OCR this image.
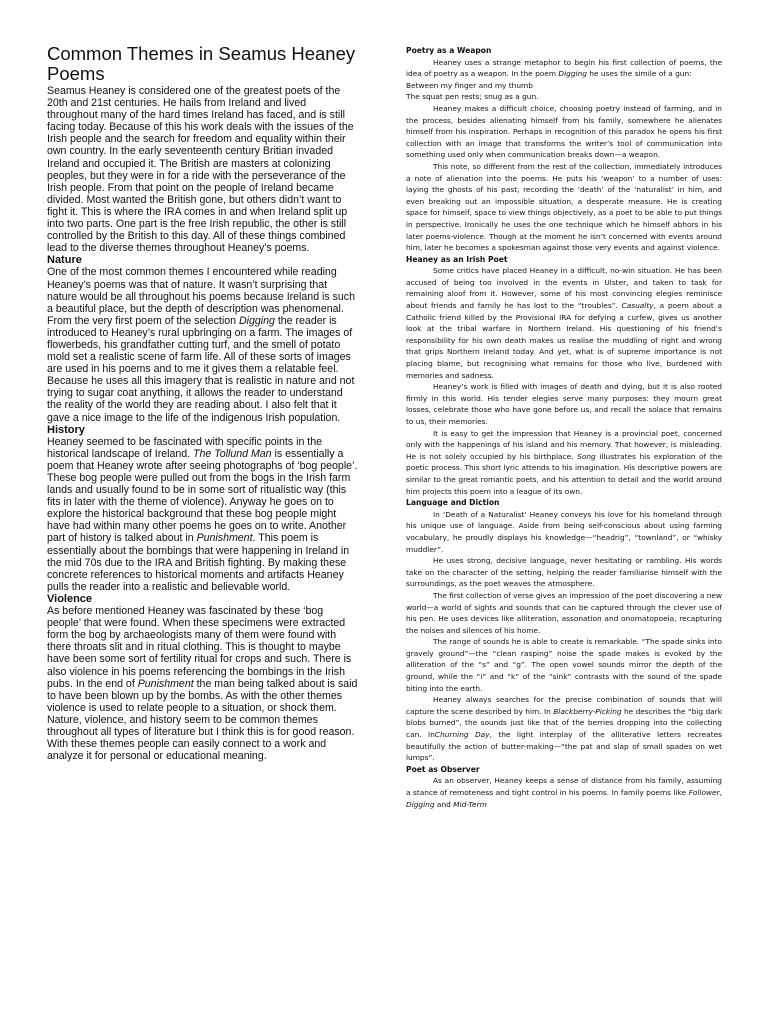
Common Themes in Seamus Heaney Poems

Seamus Heaney is considered one of the greatest poets of the 20th and 21st centuries. He hails from Ireland and lived throughout many of the hard times Ireland has faced, and is still facing today. Because of this his work deals with the issues of the Irish people and the search for freedom and equality within their own country. In the early seventeenth century Britian invaded Ireland and occupied it. The British are masters at colonizing peoples, but they were in for a ride with the perseverance of the Irish people. From that point on the people of Ireland became divided. Most wanted the British gone, but others didn’t want to fight it. This is where the IRA comes in and when Ireland split up into two parts. One part is the free Irish republic, the other is still controlled by the British to this day. All of these things combined lead to the diverse themes throughout Heaney’s poems.

Nature

One of the most common themes I encountered while reading Heaney’s poems was that of nature. It wasn’t surprising that nature would be all throughout his poems because Ireland is such a beautiful place, but the depth of description was phenomenal.

From the very first poem of the selection Digging the reader is introduced to Heaney’s rural upbringing on a farm. The images of flowerbeds, his grandfather cutting turf, and the smell of potato mold set a realistic scene of farm life. All of these sorts of images are used in his poems and to me it gives them a relatable feel. Because he uses all this imagery that is realistic in nature and not trying to sugar coat anything, it allows the reader to understand the reality of the world they are reading about. I also felt that it gave a nice image to the life of the indigenous Irish population.

History

Heaney seemed to be fascinated with specific points in the historical landscape of Ireland. The Tollund Man is essentially a poem that Heaney wrote after seeing photographs of ‘bog people’. These bog people were pulled out from the bogs in the Irish farm lands and usually found to be in some sort of ritualistic way (this fits in later with the theme of violence). Anyway he goes on to explore the historical background that these bog people might have had within many other poems he goes on to write. Another part of history is talked about in Punishment. This poem is essentially about the bombings that were happening in Ireland in the mid 70s due to the IRA and British fighting. By making these concrete references to historical moments and artifacts Heaney pulls the reader into a realistic and believable world.

Violence

As before mentioned Heaney was fascinated by these ‘bog people’ that were found. When these specimens were extracted form the bog by archaeologists many of them were found with there throats slit and in ritual clothing. This is thought to maybe have been some sort of fertility ritual for crops and such. There is also violence in his poems referencing the bombings in the Irish pubs. In the end of Punishment the man being talked about is said to have been blown up by the bombs. As with the other themes violence is used to relate people to a situation, or shock them.

Nature, violence, and history seem to be common themes throughout all types of literature but I think this is for good reason. With these themes people can easily connect to a work and analyze it for personal or educational meaning.

Poetry as a Weapon

Heaney uses a strange metaphor to begin his first collection of poems, the idea of poetry as a weapon. In the poem Digging he uses the simile of a gun:

Between my finger and my thumb

The squat pen rests; snug as a gun.

Heaney makes a difficult choice, choosing poetry instead of farming, and in the process, besides alienating himself from his family, somewhere he alienates himself from his inspiration. Perhaps in recognition of this paradox he opens his first collection with an image that transforms the writer’s tool of communication into something used only when communication breaks down—a weapon.

This note, so different from the rest of the collection, immediately introduces a note of alienation into the poems. He puts his ‘weapon’ to a number of uses: laying the ghosts of his past, recording the ‘death’ of the ‘naturalist’ in him, and even breaking out an impossible situation, a desperate measure. He is creating space for himself, space to view things objectively, as a poet to be able to put things in perspective. Ironically he uses the one technique which he himself abhors in his later poems-violence. Though at the moment he isn’t concerned with events around him, later he becomes a spokesman against those very events and against violence.

Heaney as an Irish Poet

Some critics have placed Heaney in a difficult, no-win situation. He has been accused of being too involved in the events in Ulster, and taken to task for remaining aloof from it. However, some of his most convincing elegies reminisce about friends and family he has lost to the “troubles”. Casualty, a poem about a Catholic friend killed by the Provisional IRA for defying a curfew, gives us another look at the tribal warfare in Northern Ireland. His questioning of his friend’s responsibility for his own death makes us realise the muddling of right and wrong that grips Northern Ireland today. And yet, what is of supreme importance is not placing blame, but recognising what remains for those who live, burdened with memories and sadness.

Heaney’s work is filled with images of death and dying, but it is also rooted firmly in this world. His tender elegies serve many purposes: they mourn great losses, celebrate those who have gone before us, and recall the solace that remains to us, their memories.

It is easy to get the impression that Heaney is a provincial poet, concerned only with the happenings of his island and his memory. That however, is misleading. He is not solely occupied by his birthplace. Song illustrates his exploration of the poetic process. This short lyric attends to his imagination. His descriptive powers are similar to the great romantic poets, and his attention to detail and the world around him projects this poem into a league of its own.

Language and Diction

In ‘Death of a Naturalist’ Heaney conveys his love for his homeland through his unique use of language. Aside from being self-conscious about using farming vocabulary, he proudly displays his knowledge—“headrig”, “townland”, or “whisky muddler”.

He uses strong, decisive language, never hesitating or rambling. His words take on the character of the setting, helping the reader familiarise himself with the surroundings, as the poet weaves the atmosphere.

The first collection of verse gives an impression of the poet discovering a new world—a world of sights and sounds that can be captured through the clever use of his pen. He uses devices like alliteration, assonation and onomatopoeia, recapturing the noises and silences of his home.

The range of sounds he is able to create is remarkable. “The spade sinks into gravely ground”—the “clean rasping” noise the spade makes is evoked by the alliteration of the “s” and “g”. The open vowel sounds mirror the depth of the ground, while the “i” and “k” of the “sink” contrasts with the sound of the spade biting into the earth.

Heaney always searches for the precise combination of sounds that will capture the scene described by him. In Blackberry-Picking he describes the “big dark blobs burned”, the sounds just like that of the berries dropping into the collecting can. InChurning Day, the light interplay of the alliterative letters recreates beautifully the action of butter-making—“the pat and slap of small spades on wet lumps”.

Poet as Observer

As an observer, Heaney keeps a sense of distance from his family, assuming a stance of remoteness and tight control in his poems. In family poems like Follower, Digging and Mid-Term
